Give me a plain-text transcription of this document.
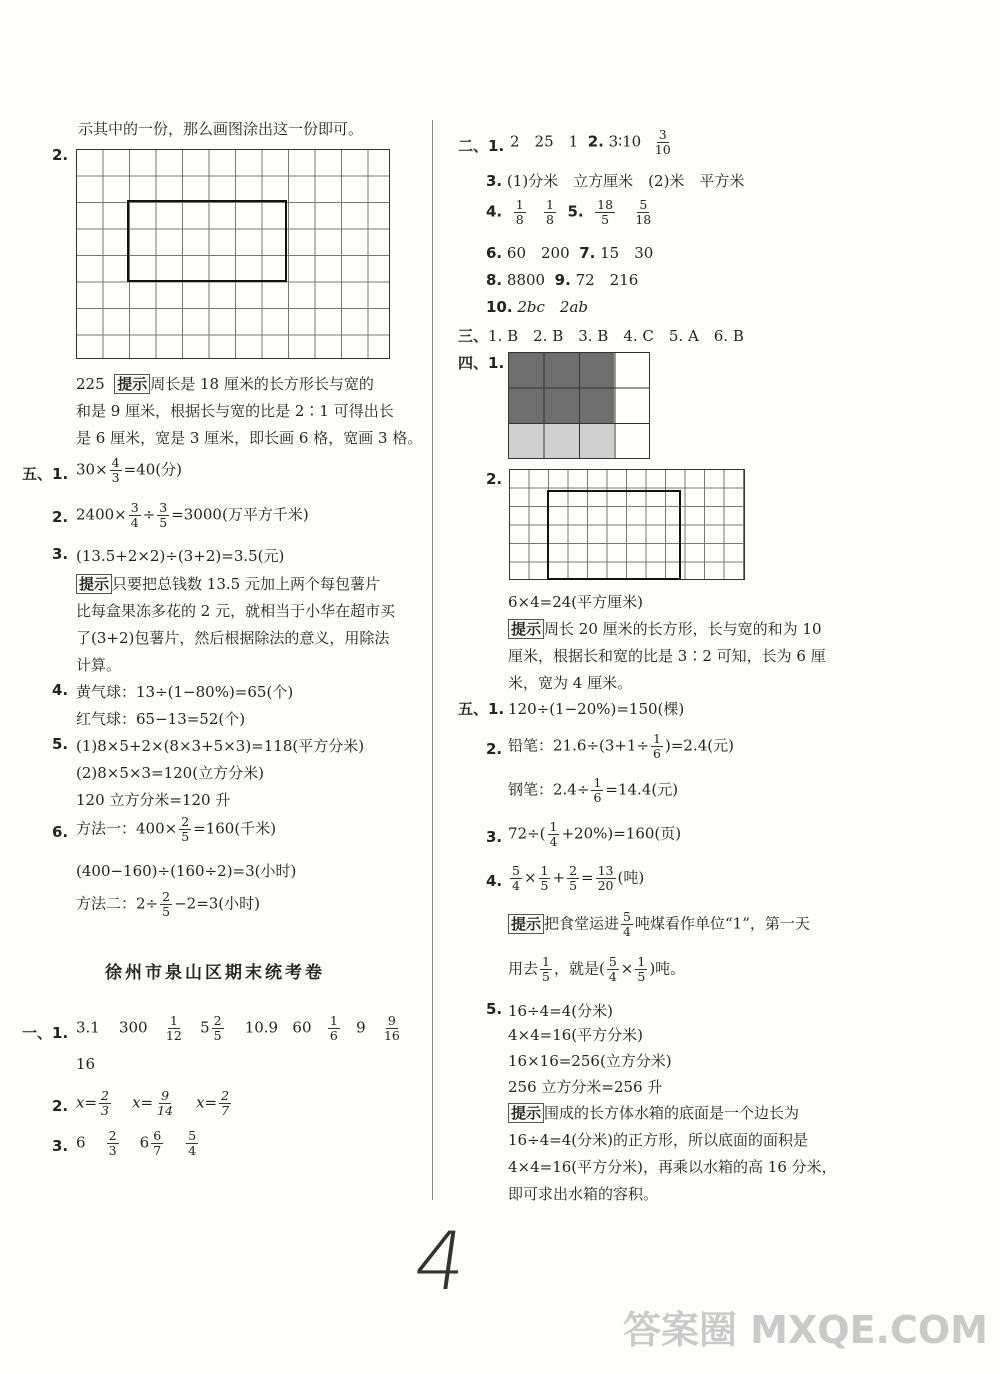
示其中的一份，那么画图涂出这一份即可。
2.
225 提示 周长是 18 厘米的长方形长与宽的
和是 9 厘米，根据长与宽的比是 2∶1 可得出长
是 6 厘米，宽是 3 厘米，即长画 6 格，宽画 3 格。
五、1. $30\times \frac{4}{3} =40$(分)
2. $2400\times \frac{3}{4} \div \frac{3}{5} =3000$(万平方千米)
3. (13.5+2×2)÷(3+2)=3.5(元)
提示 只要把总钱数 13.5 元加上两个每包薯片
比每盒果冻多花的 2 元，就相当于小华在超市买
了(3+2)包薯片，然后根据除法的意义，用除法
计算。
4. 黄气球：13÷(1−80%)=65(个)
红气球：65−13=52(个)
5. (1)8×5+2×(8×3+5×3)=118(平方分米)
(2)8×5×3=120(立方分米)
120 立方分米=120 升
6. 方法一：$400\times \frac{2}{5} =160$(千米)
(400−160)÷(160÷2)=3(小时)
方法二：$2\div \frac{2}{5} -2=3$(小时)
徐州市泉山区期末统考卷
一、1. 3.1 $300 \frac{1}{12} 5 \frac{2}{5} 10.9$ $60 \frac{1}{6} 9 \frac{9}{16}$
16
2. $x= \frac{2}{3} x= \frac{9}{14} x= \frac{2}{7}$
3. $6 \frac{2}{3} 6 \frac{6}{7}$
$\frac{5}{4}$
二、1. 2　25　1 2. 3∶10 $\frac{3}{10}$
3. (1)分米　立方厘米　(2)米　平方米
4. $\frac{1}{8}$
$\frac{1}{8} 5$. $\frac{18}{5}$
$\frac{5}{18}$
6. 60　200 7. 15　30
8. 8800 9. 72　216
10. 2bc　2ab
三、1. B　2. B　3. B　4. C　5. A　6. B
四、1.
2.
6×4=24(平方厘米)
提示 周长 20 厘米的长方形，长与宽的和为 10
厘米，根据长和宽的比是 3∶2 可知，长为 6 厘
米，宽为 4 厘米。
五、1. 120÷(1−20%)=150(棵)
2. 铅笔：$21.6\div(3+1\div \frac{1}{6} )=2.4$(元)
钢笔：$2.4\div \frac{1}{6} =14.4$(元)
3. $72\div( \frac{1}{4} +20\%)=160$(页)
4. $\frac{5}{4} \times \frac{1}{5} + \frac{2}{5} = \frac{13}{20}$ (吨)
提示 把食堂运进 $\frac{5}{4}$ 吨煤看作单位“1”，第一天
用去 $\frac{1}{5}$ ，就是( $\frac{5}{4} \times \frac{1}{5}$ )吨。
5. 16÷4=4(分米)
4×4=16(平方分米)
16×16=256(立方分米)
256 立方分米=256 升
提示 围成的长方体水箱的底面是一个边长为
16÷4=4(分米)的正方形，所以底面的面积是
4×4=16(平方分米)，再乘以水箱的高 16 分米，
即可求出水箱的容积。
4
答案圈 MXQE.COM
